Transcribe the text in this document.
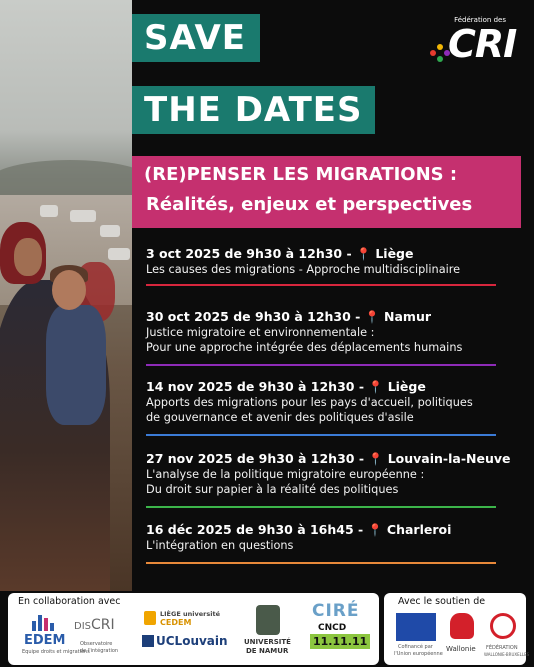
SAVE
THE DATES
Fédération des
CRI
(RE)PENSER LES MIGRATIONS :
Réalités, enjeux et perspectives
3 oct 2025 de 9h30 à 12h30 - 📍 Liège
Les causes des migrations - Approche multidisciplinaire
30 oct 2025 de 9h30 à 12h30 - 📍 Namur
Justice migratoire et environnementale :
Pour une approche intégrée des déplacements humains
14 nov 2025 de 9h30 à 12h30 - 📍 Liège
Apports des migrations pour les pays d'accueil, politiques
de gouvernance et avenir des politiques d'asile
27 nov 2025 de 9h30 à 12h30 - 📍 Louvain-la-Neuve
L'analyse de la politique migratoire européenne :
Du droit sur papier à la réalité des politiques
16 déc 2025 de 9h30 à 16h45 - 📍 Charleroi
L'intégration en questions
En collaboration avec
EDEM
Equipe droits et migrations
DISCRI
Observatoire
de l'intégration
LIÈGE université
CEDEM
UCLouvain UNIVERSITÉ
DE NAMUR
CIRÉ
CNCD
11.11.11
Avec le soutien de
Cofinancé par
l'Union européenne
Wallonie FÉDÉRATION
WALLONIE-BRUXELLES
